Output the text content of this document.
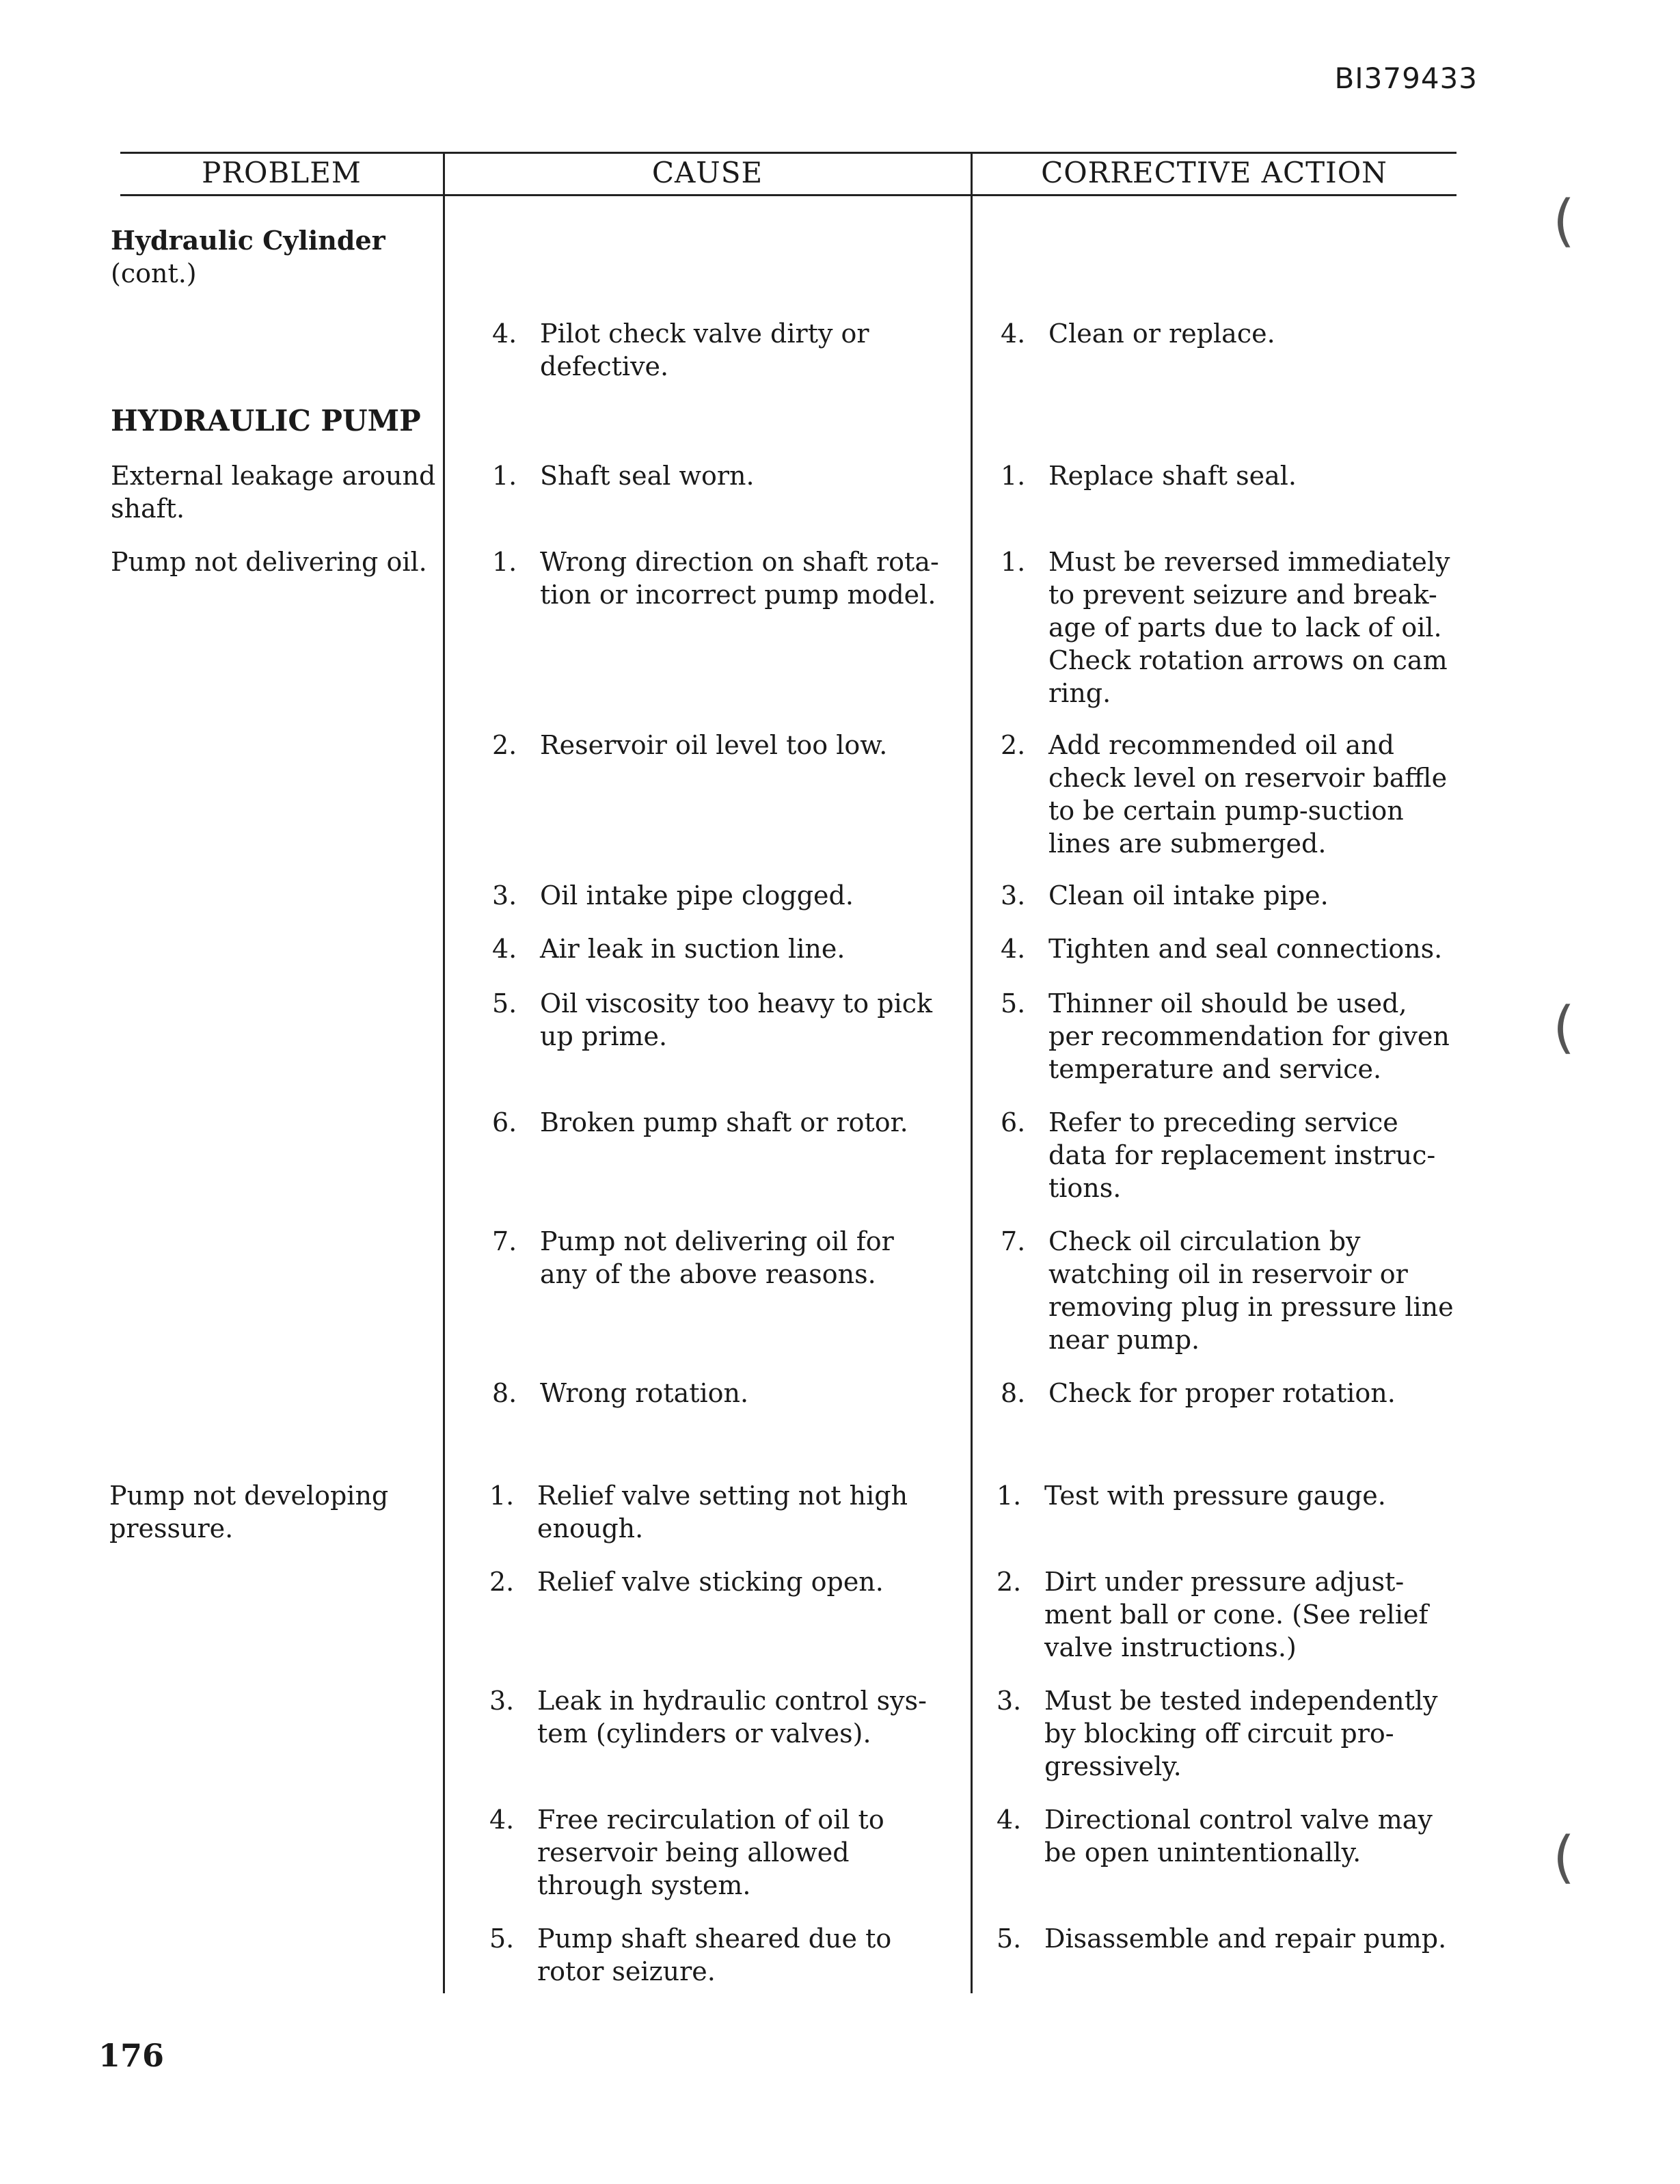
BI379433
PROBLEM	CAUSE	CORRECTIVE ACTION
Hydraulic Cylinder
(cont.)
HYDRAULIC PUMP
External leakage around
shaft.
Pump not delivering oil.
Pump not developing
pressure.
4. Pilot check valve dirty or
defective.
1. Shaft seal worn.
1. Wrong direction on shaft rota-
tion or incorrect pump model.
2. Reservoir oil level too low.
3. Oil intake pipe clogged.
4. Air leak in suction line.
5. Oil viscosity too heavy to pick
up prime.
6. Broken pump shaft or rotor.
7. Pump not delivering oil for
any of the above reasons.
8. Wrong rotation.
1. Relief valve setting not high
enough.
2. Relief valve sticking open.
3. Leak in hydraulic control sys-
tem (cylinders or valves).
4. Free recirculation of oil to
reservoir being allowed
through system.
5. Pump shaft sheared due to
rotor seizure.
4. Clean or replace.
1. Replace shaft seal.
1. Must be reversed immediately
to prevent seizure and break-
age of parts due to lack of oil.
Check rotation arrows on cam
ring.
2. Add recommended oil and
check level on reservoir baffle
to be certain pump-suction
lines are submerged.
3. Clean oil intake pipe.
4. Tighten and seal connections.
5. Thinner oil should be used,
per recommendation for given
temperature and service.
6. Refer to preceding service
data for replacement instruc-
tions.
7. Check oil circulation by
watching oil in reservoir or
removing plug in pressure line
near pump.
8. Check for proper rotation.
1. Test with pressure gauge.
2. Dirt under pressure adjust-
ment ball or cone. (See relief
valve instructions.)
3. Must be tested independently
by blocking off circuit pro-
gressively.
4. Directional control valve may
be open unintentionally.
5. Disassemble and repair pump.
(
(
(
176
